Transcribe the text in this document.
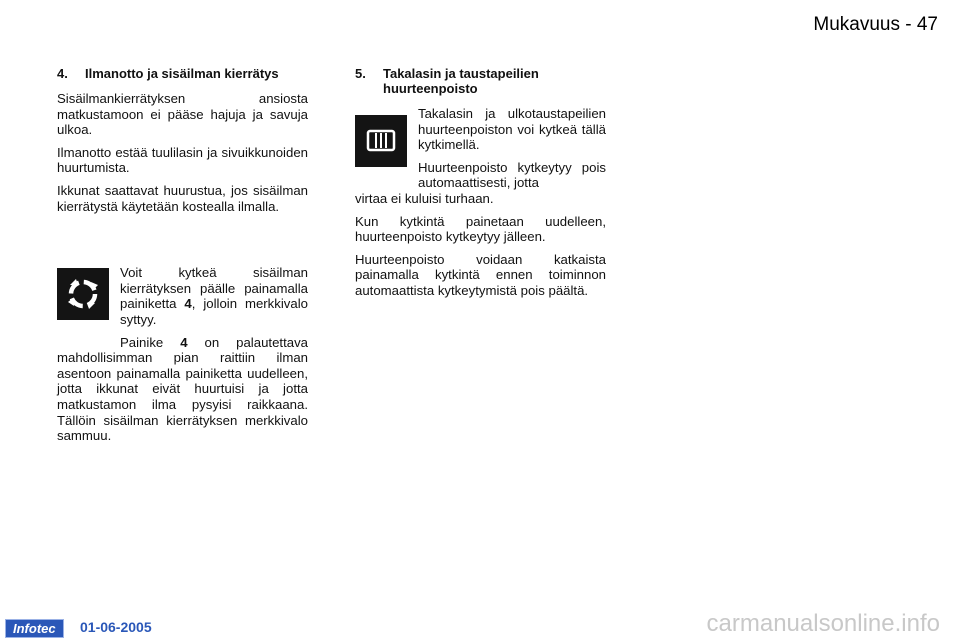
Mukavuus - 47
4.	Ilmanotto ja sisäilman kierrätys

Sisäilmankierrätyksen ansiosta matkustamoon ei pääse hajuja ja savuja ulkoa.

Ilmanotto estää tuulilasin ja sivuikkunoiden huurtumista.

Ikkunat saattavat huurustua, jos sisäilman kierrätystä käytetään kostealla ilmalla.

Voit kytkeä sisäilman kierrätyksen päälle painamalla painiketta 4, jolloin merkkivalo syttyy.

Painike 4 on palautettava mahdollisimman pian raittiin ilman asentoon painamalla painiketta uudelleen, jotta ikkunat eivät huurtuisi ja jotta matkustamon ilma pysyisi raikkaana. Tällöin sisäilman kierrätyksen merkkivalo sammuu.

5.	Takalasin ja taustapeilien huurteenpoisto

Takalasin ja ulkotaustapeilien huurteenpoiston voi kytkeä tällä kytkimellä.

Huurteenpoisto kytkeytyy pois automaattisesti, jotta

virtaa ei kuluisi turhaan.

Kun kytkintä painetaan uudelleen, huurteenpoisto kytkeytyy jälleen.

Huurteenpoisto voidaan katkaista painamalla kytkintä ennen toiminnon automaattista kytkeytymistä pois päältä.

Infotec	01-06-2005	carmanualsonline.info
